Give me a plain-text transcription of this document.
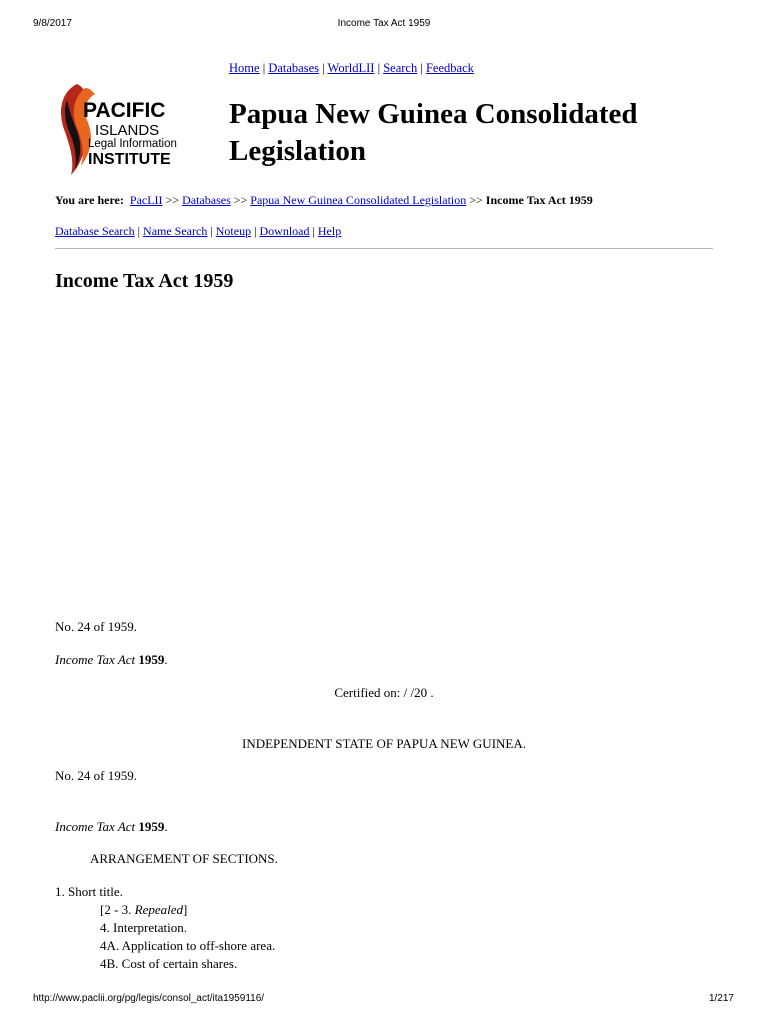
9/8/2017	Income Tax Act 1959
Home | Databases | WorldLII | Search | Feedback
PACIFIC
ISLANDS
Legal Information
INSTITUTE
Papua New Guinea Consolidated Legislation
You are here: PacLII >> Databases >> Papua New Guinea Consolidated Legislation >> Income Tax Act 1959
Database Search | Name Search | Noteup | Download | Help
Income Tax Act 1959
No. 24 of 1959.
Income Tax Act 1959.
Certified on: / /20 .
INDEPENDENT STATE OF PAPUA NEW GUINEA.
No. 24 of 1959.
Income Tax Act 1959.
ARRANGEMENT OF SECTIONS.
1. Short title.
[2 - 3. Repealed]
4. Interpretation.
4A. Application to off-shore area.
4B. Cost of certain shares.
http://www.paclii.org/pg/legis/consol_act/ita1959116/	1/217
